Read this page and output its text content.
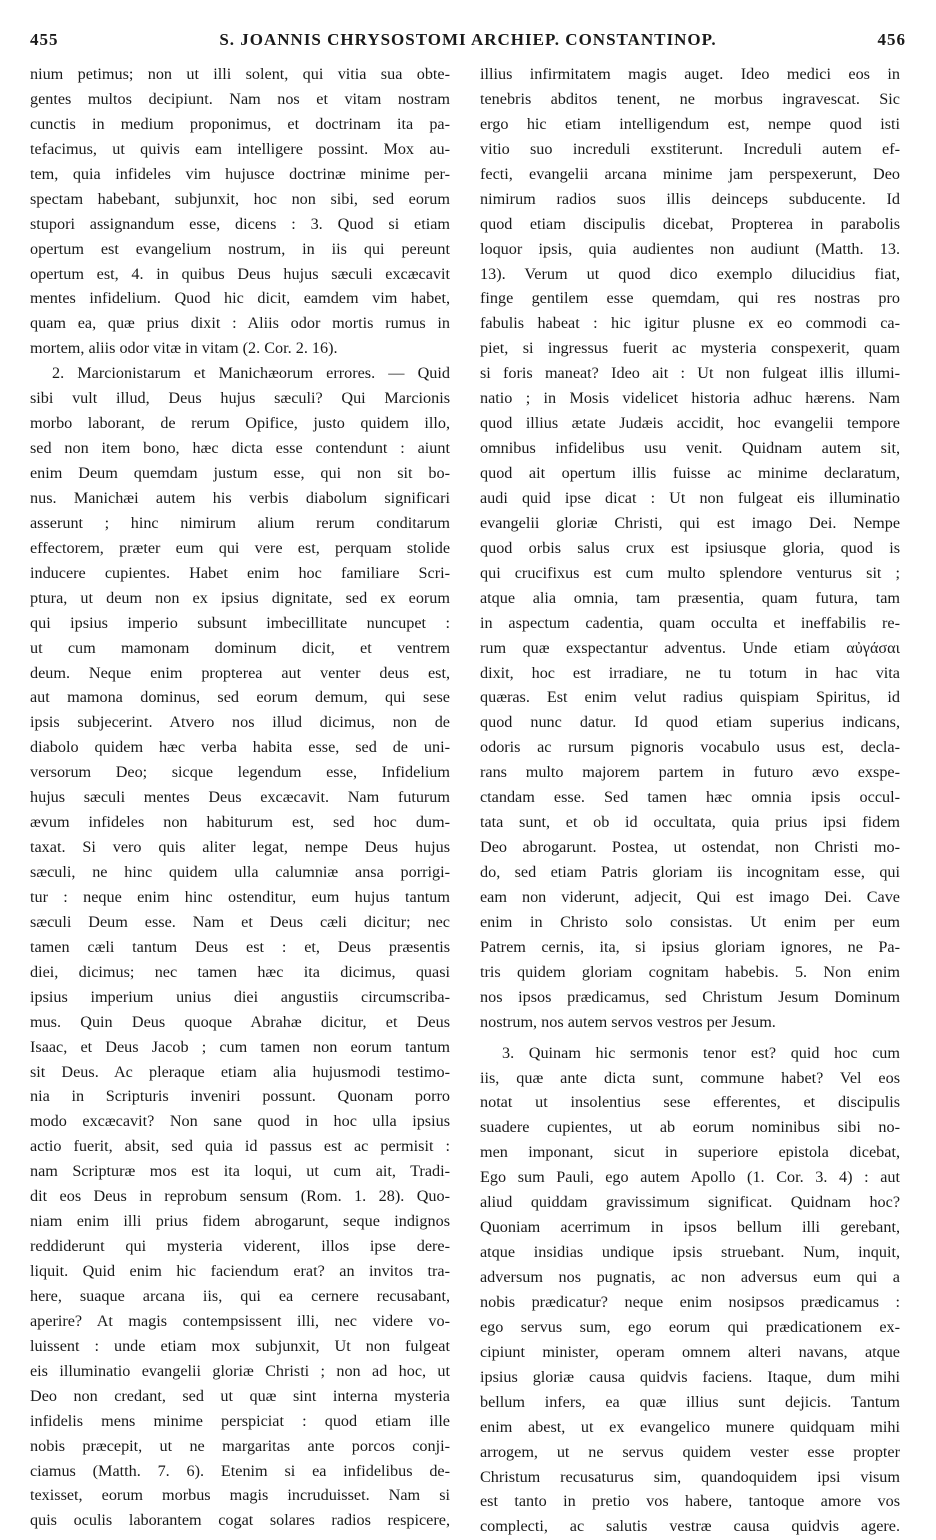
455	S. JOANNIS CHRYSOSTOMI ARCHIEP. CONSTANTINOP.	456
nium petimus; non ut illi solent, qui vitia sua obte-
gentes multos decipiunt. Nam nos et vitam nostram
cunctis in medium proponimus, et doctrinam ita pa-
tefacimus, ut quivis eam intelligere possint. Mox au-
tem, quia infideles vim hujusce doctrinæ minime per-
spectam habebant, subjunxit, hoc non sibi, sed eorum
stupori assignandum esse, dicens : 3. Quod si etiam
opertum est evangelium nostrum, in iis qui pereunt
opertum est, 4. in quibus Deus hujus sæculi excæcavit
mentes infidelium. Quod hic dicit, eamdem vim habet,
quam ea, quæ prius dixit : Aliis odor mortis rumus in
mortem, aliis odor vitæ in vitam (2. Cor. 2. 16).
2. Marcionistarum et Manichæorum errores. — Quid
sibi vult illud, Deus hujus sæculi? Qui Marcionis
morbo laborant, de rerum Opifice, justo quidem illo,
sed non item bono, hæc dicta esse contendunt : aiunt
enim Deum quemdam justum esse, qui non sit bo-
nus. Manichæi autem his verbis diabolum significari
asserunt ; hinc nimirum alium rerum conditarum
effectorem, præter eum qui vere est, perquam stolide
inducere cupientes. Habet enim hoc familiare Scri-
ptura, ut deum non ex ipsius dignitate, sed ex eorum
qui ipsius imperio subsunt imbecillitate nuncupet :
ut cum mamonam dominum dicit, et ventrem
deum. Neque enim propterea aut venter deus est,
aut mamona dominus, sed eorum demum, qui sese
ipsis subjecerint. Atvero nos illud dicimus, non de
diabolo quidem hæc verba habita esse, sed de uni-
versorum Deo; sicque legendum esse, Infidelium
hujus sæculi mentes Deus excæcavit. Nam futurum
ævum infideles non habiturum est, sed hoc dum-
taxat. Si vero quis aliter legat, nempe Deus hujus
sæculi, ne hinc quidem ulla calumniæ ansa porrigi-
tur : neque enim hinc ostenditur, eum hujus tantum
sæculi Deum esse. Nam et Deus cæli dicitur; nec
tamen cæli tantum Deus est : et, Deus præsentis
diei, dicimus; nec tamen hæc ita dicimus, quasi
ipsius imperium unius diei angustiis circumscriba-
mus. Quin Deus quoque Abrahæ dicitur, et Deus
Isaac, et Deus Jacob ; cum tamen non eorum tantum
sit Deus. Ac pleraque etiam alia hujusmodi testimo-
nia in Scripturis inveniri possunt. Quonam porro
modo excæcavit? Non sane quod in hoc ulla ipsius
actio fuerit, absit, sed quia id passus est ac permisit :
nam Scripturæ mos est ita loqui, ut cum ait, Tradi-
dit eos Deus in reprobum sensum (Rom. 1. 28). Quo-
niam enim illi prius fidem abrogarunt, seque indignos
reddiderunt qui mysteria viderent, illos ipse dere-
liquit. Quid enim hic faciendum erat? an invitos tra-
here, suaque arcana iis, qui ea cernere recusabant,
aperire? At magis contempsissent illi, nec videre vo-
luissent : unde etiam mox subjunxit, Ut non fulgeat
eis illuminatio evangelii gloriæ Christi ; non ad hoc, ut
Deo non credant, sed ut quæ sint interna mysteria
infidelis mens minime perspiciat : quod etiam ille
nobis præcepit, ut ne margaritas ante porcos conji-
ciamus (Matth. 7. 6). Etenim si ea infidelibus de-
texisset, eorum morbus magis incruduisset. Nam si
quis oculis laborantem cogat solares radios respicere,
illius infirmitatem magis auget. Ideo medici eos in
tenebris abditos tenent, ne morbus ingravescat. Sic
ergo hic etiam intelligendum est, nempe quod isti
vitio suo increduli exstiterunt. Increduli autem ef-
fecti, evangelii arcana minime jam perspexerunt, Deo
nimirum radios suos illis deinceps subducente. Id
quod etiam discipulis dicebat, Propterea in parabolis
loquor ipsis, quia audientes non audiunt (Matth. 13.
13). Verum ut quod dico exemplo dilucidius fiat,
finge gentilem esse quemdam, qui res nostras pro
fabulis habeat : hic igitur plusne ex eo commodi ca-
piet, si ingressus fuerit ac mysteria conspexerit, quam
si foris maneat? Ideo ait : Ut non fulgeat illis illumi-
natio ; in Mosis videlicet historia adhuc hærens. Nam
quod illius ætate Judæis accidit, hoc evangelii tempore
omnibus infidelibus usu venit. Quidnam autem sit,
quod ait opertum illis fuisse ac minime declaratum,
audi quid ipse dicat : Ut non fulgeat eis illuminatio
evangelii gloriæ Christi, qui est imago Dei. Nempe
quod orbis salus crux est ipsiusque gloria, quod is
qui crucifixus est cum multo splendore venturus sit ;
atque alia omnia, tam præsentia, quam futura, tam
in aspectum cadentia, quam occulta et ineffabilis re-
rum quæ exspectantur adventus. Unde etiam αὐγάσαι
dixit, hoc est irradiare, ne tu totum in hac vita
quæras. Est enim velut radius quispiam Spiritus, id
quod nunc datur. Id quod etiam superius indicans,
odoris ac rursum pignoris vocabulo usus est, decla-
rans multo majorem partem in futuro ævo exspe-
ctandam esse. Sed tamen hæc omnia ipsis occul-
tata sunt, et ob id occultata, quia prius ipsi fidem
Deo abrogarunt. Postea, ut ostendat, non Christi mo-
do, sed etiam Patris gloriam iis incognitam esse, qui
eam non viderunt, adjecit, Qui est imago Dei. Cave
enim in Christo solo consistas. Ut enim per eum
Patrem cernis, ita, si ipsius gloriam ignores, ne Pa-
tris quidem gloriam cognitam habebis. 5. Non enim
nos ipsos prædicamus, sed Christum Jesum Dominum
nostrum, nos autem servos vestros per Jesum.
3. Quinam hic sermonis tenor est? quid hoc cum
iis, quæ ante dicta sunt, commune habet? Vel eos
notat ut insolentius sese efferentes, et discipulis
suadere cupientes, ut ab eorum nominibus sibi no-
men imponant, sicut in superiore epistola dicebat,
Ego sum Pauli, ego autem Apollo (1. Cor. 3. 4) : aut
aliud quiddam gravissimum significat. Quidnam hoc?
Quoniam acerrimum in ipsos bellum illi gerebant,
atque insidias undique ipsis struebant. Num, inquit,
adversum nos pugnatis, ac non adversus eum qui a
nobis prædicatur? neque enim nosipsos prædicamus :
ego servus sum, ego eorum qui prædicationem ex-
cipiunt minister, operam omnem alteri navans, atque
ipsius gloriæ causa quidvis faciens. Itaque, dum mihi
bellum infers, ea quæ illius sunt dejicis. Tantum
enim abest, ut ex evangelico munere quidquam mihi
arrogem, ut ne servus quidem vester esse propter
Christum recusaturus sim, quandoquidem ipsi visum
est tanto in pretio vos habere, tantoque amore vos
complecti, ac salutis vestræ causa quidvis agere.
